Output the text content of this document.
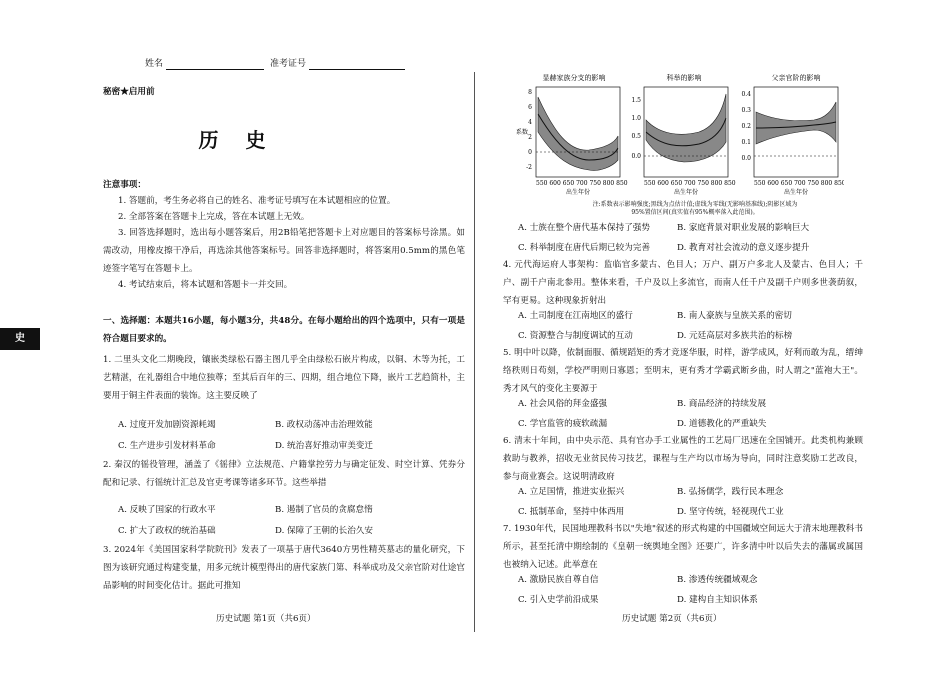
姓名	准考证号
秘密★启用前
历 史
史
注意事项：
1. 答题前，考生务必将自己的姓名、准考证号填写在本试题相应的位置。
2. 全部答案在答题卡上完成，答在本试题上无效。
3. 回答选择题时，选出每小题答案后，用2B铅笔把答题卡上对应题目的答案标号涂黑。如需改动，用橡皮擦干净后，再选涂其他答案标号。回答非选择题时，将答案用0.5mm的黑色笔迹签字笔写在答题卡上。
4. 考试结束后，将本试题和答题卡一并交回。
一、选择题：本题共16小题，每小题3分，共48分。在每小题给出的四个选项中，只有一项是符合题目要求的。
1. 二里头文化二期晚段，镶嵌类绿松石器主图几乎全由绿松石嵌片构成，以铜、木等为托，工艺精湛，在礼器组合中地位独尊；至其后百年的三、四期，组合地位下降，嵌片工艺趋简朴，主要用于铜主件表面的装饰。这主要反映了
A. 过度开发加剧资源耗竭	B. 政权动荡冲击治理效能
C. 生产进步引发材料革命	D. 统治喜好推动审美变迁
2. 秦汉的徭役管理，涵盖了《徭律》立法规范、户籍掌控劳力与确定征发、时空计算、凭券分配和记录、行徭统计汇总及官吏考课等诸多环节。这些举措
A. 反映了国家的行政水平	B. 遏制了官员的贪腐怠惰
C. 扩大了政权的统治基础	D. 保障了王朝的长治久安
3. 2024年《美国国家科学院院刊》发表了一项基于唐代3640方男性精英墓志的量化研究，下图为该研究通过构建变量，用多元统计模型得出的唐代家族门第、科举成功及父亲官阶对仕途官品影响的时间变化估计。据此可推知
历史试题 第1页（共6页）
显赫家族分支的影响
8
6
4
2
0
-2
系数
550 600 650 700 750 800 850
出生年份
科举的影响
1.5
1.0
0.5
0.0
550 600 650 700 750 800 850
出生年份
父亲官阶的影响
0.4
0.3
0.2
0.1
0.0
550 600 650 700 750 800 850
出生年份
注:系数表示影响强度;黑线为点估计值;虚线为零线(无影响基准线);阴影区域为
95%置信区间(真实值有95%概率落入此范围)。
A. 士族在整个唐代基本保持了强势	B. 家庭背景对职业发展的影响巨大
C. 科举制度在唐代后期已较为完善	D. 教育对社会流动的意义逐步提升
4. 元代海运府人事架构：监临官多蒙古、色目人；万户、副万户多北人及蒙古、色目人；千户、副千户南北参用。整体来看，千户及以上多流官，而南人任千户及副千户则多世袭荫叙，罕有更易。这种现象折射出
A. 土司制度在江南地区的盛行	B. 南人豪族与皇族关系的密切
C. 资源整合与制度调试的互动	D. 元廷高层对多族共治的标榜
5. 明中叶以降，依制面服、循规蹈矩的秀才竞逐华服，时样，游学成风，好利而敢为乱，缙绅络秩则日苟刻，学校严明则日寡恩；至明末，更有秀才学霸武断乡曲，时人谓之"蓝袍大王"。秀才风气的变化主要源于
A. 社会风俗的拜金盛强	B. 商品经济的持续发展
C. 学官监管的疲软疏漏	D. 道德教化的严重缺失
6. 清末十年间，由中央示范、具有官办手工业属性的工艺局厂迅速在全国铺开。此类机构兼顾救助与教养，招收无业贫民传习技艺，课程与生产均以市场为导向，同时注意奖励工艺改良，参与商业赛会。这说明清政府
A. 立足国情，推进实业振兴	B. 弘扬儒学，践行民本理念
C. 抵制革命，坚持中体西用	D. 坚守传统，轻视现代工业
7. 1930年代，民国地理教科书以"失地"叙述的形式构建的中国疆域空间远大于清末地理教科书所示，甚至托清中期绘制的《皇朝一统舆地全图》还要广，许多清中叶以后失去的藩属或属国也被纳入记述。此举意在
A. 激励民族自尊自信	B. 渗透传统疆域观念
C. 引入史学前沿成果	D. 建构自主知识体系
历史试题 第2页（共6页）
